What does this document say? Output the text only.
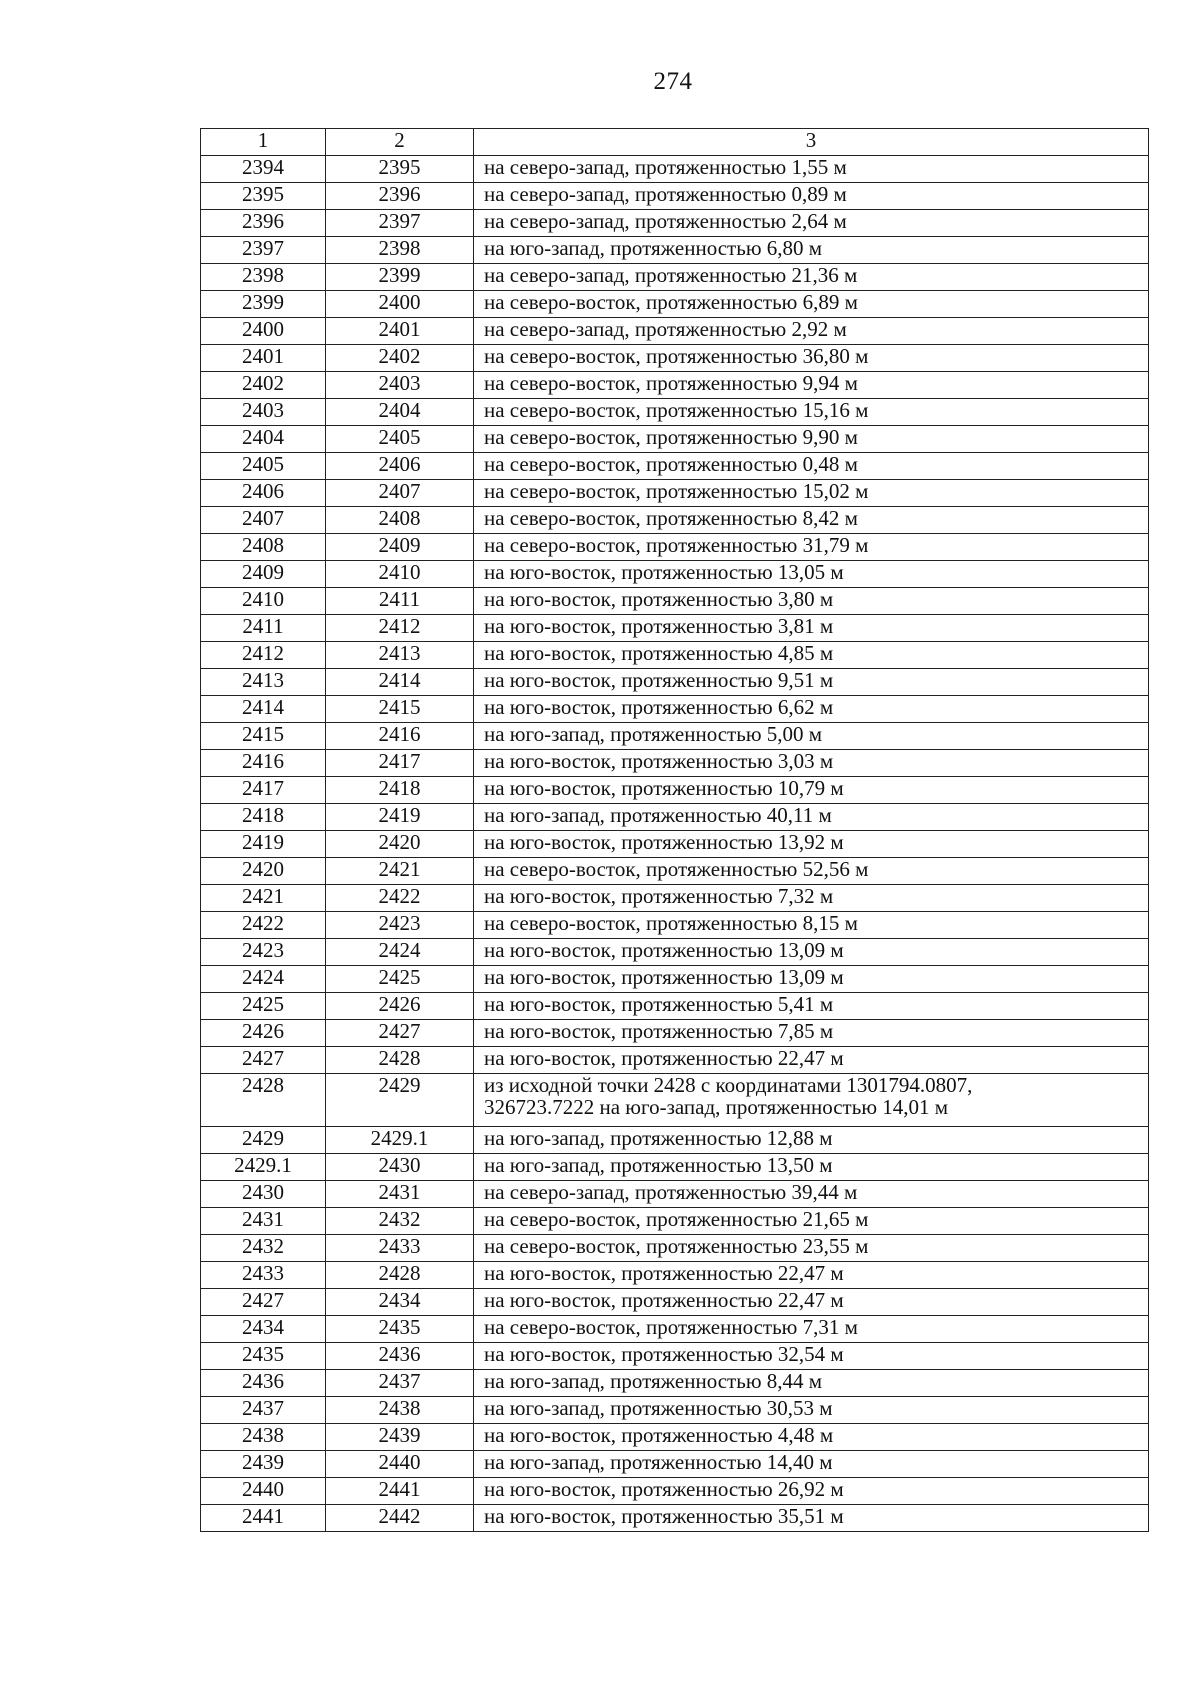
274
1	2	3
2394	2395	на северо-запад, протяженностью 1,55 м
2395	2396	на северо-запад, протяженностью 0,89 м
2396	2397	на северо-запад, протяженностью 2,64 м
2397	2398	на юго-запад, протяженностью 6,80 м
2398	2399	на северо-запад, протяженностью 21,36 м
2399	2400	на северо-восток, протяженностью 6,89 м
2400	2401	на северо-запад, протяженностью 2,92 м
2401	2402	на северо-восток, протяженностью 36,80 м
2402	2403	на северо-восток, протяженностью 9,94 м
2403	2404	на северо-восток, протяженностью 15,16 м
2404	2405	на северо-восток, протяженностью 9,90 м
2405	2406	на северо-восток, протяженностью 0,48 м
2406	2407	на северо-восток, протяженностью 15,02 м
2407	2408	на северо-восток, протяженностью 8,42 м
2408	2409	на северо-восток, протяженностью 31,79 м
2409	2410	на юго-восток, протяженностью 13,05 м
2410	2411	на юго-восток, протяженностью 3,80 м
2411	2412	на юго-восток, протяженностью 3,81 м
2412	2413	на юго-восток, протяженностью 4,85 м
2413	2414	на юго-восток, протяженностью 9,51 м
2414	2415	на юго-восток, протяженностью 6,62 м
2415	2416	на юго-запад, протяженностью 5,00 м
2416	2417	на юго-восток, протяженностью 3,03 м
2417	2418	на юго-восток, протяженностью 10,79 м
2418	2419	на юго-запад, протяженностью 40,11 м
2419	2420	на юго-восток, протяженностью 13,92 м
2420	2421	на северо-восток, протяженностью 52,56 м
2421	2422	на юго-восток, протяженностью 7,32 м
2422	2423	на северо-восток, протяженностью 8,15 м
2423	2424	на юго-восток, протяженностью 13,09 м
2424	2425	на юго-восток, протяженностью 13,09 м
2425	2426	на юго-восток, протяженностью 5,41 м
2426	2427	на юго-восток, протяженностью 7,85 м
2427	2428	на юго-восток, протяженностью 22,47 м
2428	2429	из исходной точки 2428 с координатами 1301794.0807,
326723.7222 на юго-запад, протяженностью 14,01 м

2429	2429.1	на юго-запад, протяженностью 12,88 м
2429.1	2430	на юго-запад, протяженностью 13,50 м
2430	2431	на северо-запад, протяженностью 39,44 м
2431	2432	на северо-восток, протяженностью 21,65 м
2432	2433	на северо-восток, протяженностью 23,55 м
2433	2428	на юго-восток, протяженностью 22,47 м
2427	2434	на юго-восток, протяженностью 22,47 м
2434	2435	на северо-восток, протяженностью 7,31 м
2435	2436	на юго-восток, протяженностью 32,54 м
2436	2437	на юго-запад, протяженностью 8,44 м
2437	2438	на юго-запад, протяженностью 30,53 м
2438	2439	на юго-восток, протяженностью 4,48 м
2439	2440	на юго-запад, протяженностью 14,40 м
2440	2441	на юго-восток, протяженностью 26,92 м
2441	2442	на юго-восток, протяженностью 35,51 м
